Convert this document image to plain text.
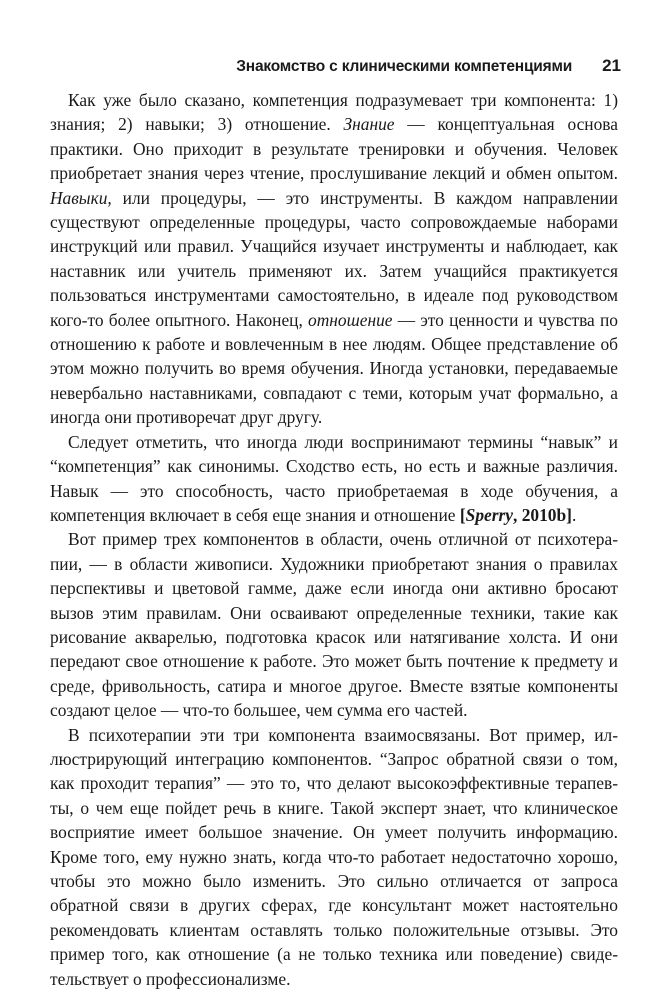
Знакомство с клиническими компетенциями 21

Как уже было сказано, компетенция подразумевает три компонента: 1) знания; 2) навыки; 3) отношение. Знание — концептуальная основа практики. Оно приходит в результате тренировки и обучения. Человек приобретает знания через чтение, прослушивание лекций и обмен опытом. Навыки, или процедуры, — это инструменты. В каждом направлении существуют определенные процедуры, часто сопровождаемые наборами инструкций или правил. Учащийся изучает инструменты и наблюдает, как наставник или учитель применяют их. Затем учащийся практикуется пользоваться инструментами самостоятельно, в идеале под руководством кого-то более опытного. Наконец, отношение — это ценности и чувства по отношению к работе и вовлеченным в нее людям. Общее представление об этом можно получить во время обучения. Иногда установки, передаваемые невербально наставниками, совпадают с теми, которым учат формально, а иногда они противоречат друг другу.

Следует отметить, что иногда люди воспринимают термины “навык” и “компетенция” как синонимы. Сходство есть, но есть и важные различия. Навык — это способность, часто приобретаемая в ходе обучения, а компетенция включает в себя еще знания и отношение [Sperry, 2010b].

Вот пример трех компонентов в области, очень отличной от психотерапии, — в области живописи. Художники приобретают знания о правилах перспективы и цветовой гамме, даже если иногда они активно бросают вызов этим правилам. Они осваивают определенные техники, такие как рисование акварелью, подготовка красок или натягивание холста. И они передают свое отношение к работе. Это может быть почтение к предмету и среде, фривольность, сатира и многое другое. Вместе взятые компоненты создают целое — что-то большее, чем сумма его частей.

В психотерапии эти три компонента взаимосвязаны. Вот пример, иллюстрирующий интеграцию компонентов. “Запрос обратной связи о том, как проходит терапия” — это то, что делают высокоэффективные терапевты, о чем еще пойдет речь в книге. Такой эксперт знает, что клиническое восприятие имеет большое значение. Он умеет получить информацию. Кроме того, ему нужно знать, когда что-то работает недостаточно хорошо, чтобы это можно было изменить. Это сильно отличается от запроса обратной связи в других сферах, где консультант может настоятельно рекомендовать клиентам оставлять только положительные отзывы. Это пример того, как отношение (а не только техника или поведение) свидетельствует о профессионализме.
